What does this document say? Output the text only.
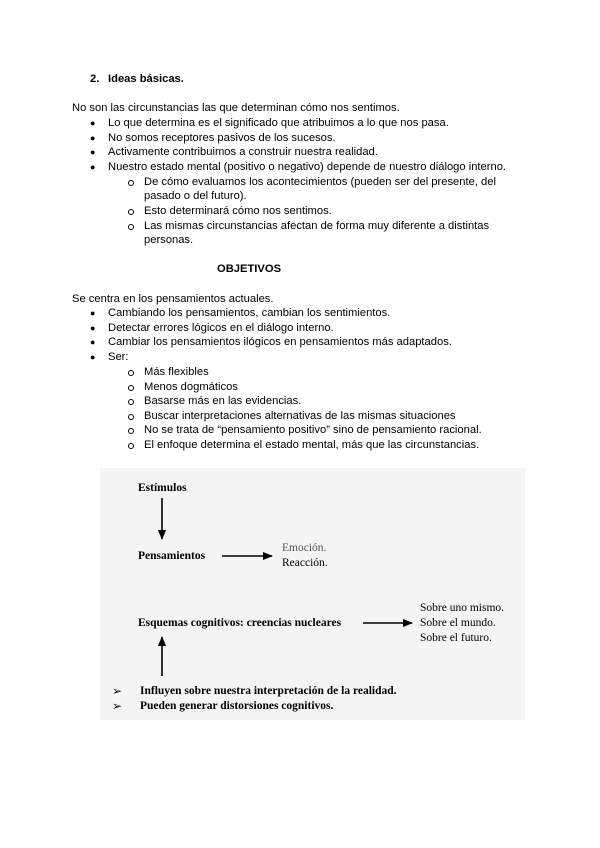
2. Ideas básicas.
No son las circunstancias las que determinan cómo nos sentimos.
● Lo que determina es el significado que atribuimos a lo que nos pasa.
● No somos receptores pasivos de los sucesos.
● Activamente contribuimos a construir nuestra realidad.
● Nuestro estado mental (positivo o negativo) depende de nuestro diálogo interno.
De cómo evaluamos los acontecimientos (pueden ser del presente, del
pasado o del futuro).
Esto determinará cómo nos sentimos.
Las mismas circunstancias afectan de forma muy diferente a distintas
personas.
OBJETIVOS
Se centra en los pensamientos actuales.
● Cambiando los pensamientos, cambian los sentimientos.
● Detectar errores lógicos en el diálogo interno.
● Cambiar los pensamientos ilógicos en pensamientos más adaptados.
● Ser:
Más flexibles
Menos dogmáticos
Basarse más en las evidencias.
Buscar interpretaciones alternativas de las mismas situaciones
No se trata de “pensamiento positivo” sino de pensamiento racional.
El enfoque determina el estado mental, más que las circunstancias.
Estímulos
Pensamientos
Emoción.
Reacción.
Esquemas cognitivos: creencias nucleares
Sobre uno mismo.
Sobre el mundo.
Sobre el futuro.
➢ Influyen sobre nuestra interpretación de la realidad.
➢ Pueden generar distorsiones cognitivos.
